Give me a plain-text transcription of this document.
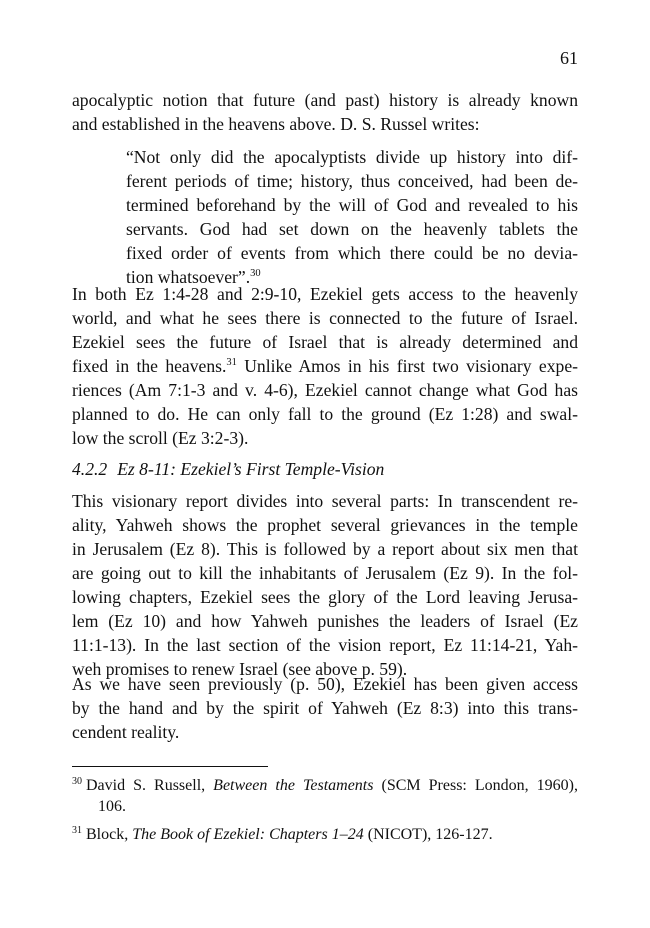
61
apocalyptic notion that future (and past) history is already known
and established in the heavens above. D. S. Russel writes:
“Not only did the apocalyptists divide up history into dif-
ferent periods of time; history, thus conceived, had been de-
termined beforehand by the will of God and revealed to his
servants. God had set down on the heavenly tablets the
fixed order of events from which there could be no devia-
tion whatsoever”.$^{30}$
In both Ez 1:4-28 and 2:9-10, Ezekiel gets access to the heavenly
world, and what he sees there is connected to the future of Israel.
Ezekiel sees the future of Israel that is already determined and
fixed in the heavens.$^{31}$ Unlike Amos in his first two visionary expe-
riences (Am 7:1-3 and v. 4-6), Ezekiel cannot change what God has
planned to do. He can only fall to the ground (Ez 1:28) and swal-
low the scroll (Ez 3:2-3).
4.2.2 Ez 8-11: Ezekiel’s First Temple-Vision
This visionary report divides into several parts: In transcendent re-
ality, Yahweh shows the prophet several grievances in the temple
in Jerusalem (Ez 8). This is followed by a report about six men that
are going out to kill the inhabitants of Jerusalem (Ez 9). In the fol-
lowing chapters, Ezekiel sees the glory of the Lord leaving Jerusa-
lem (Ez 10) and how Yahweh punishes the leaders of Israel (Ez
11:1-13). In the last section of the vision report, Ez 11:14-21, Yah-
weh promises to renew Israel (see above p. 59).
As we have seen previously (p. 50), Ezekiel has been given access
by the hand and by the spirit of Yahweh (Ez 8:3) into this trans-
cendent reality.
$^{30}$ David S. Russell, Between the Testaments (SCM Press: London, 1960),
106.
$^{31}$ Block, The Book of Ezekiel: Chapters 1–24 (NICOT), 126-127.
